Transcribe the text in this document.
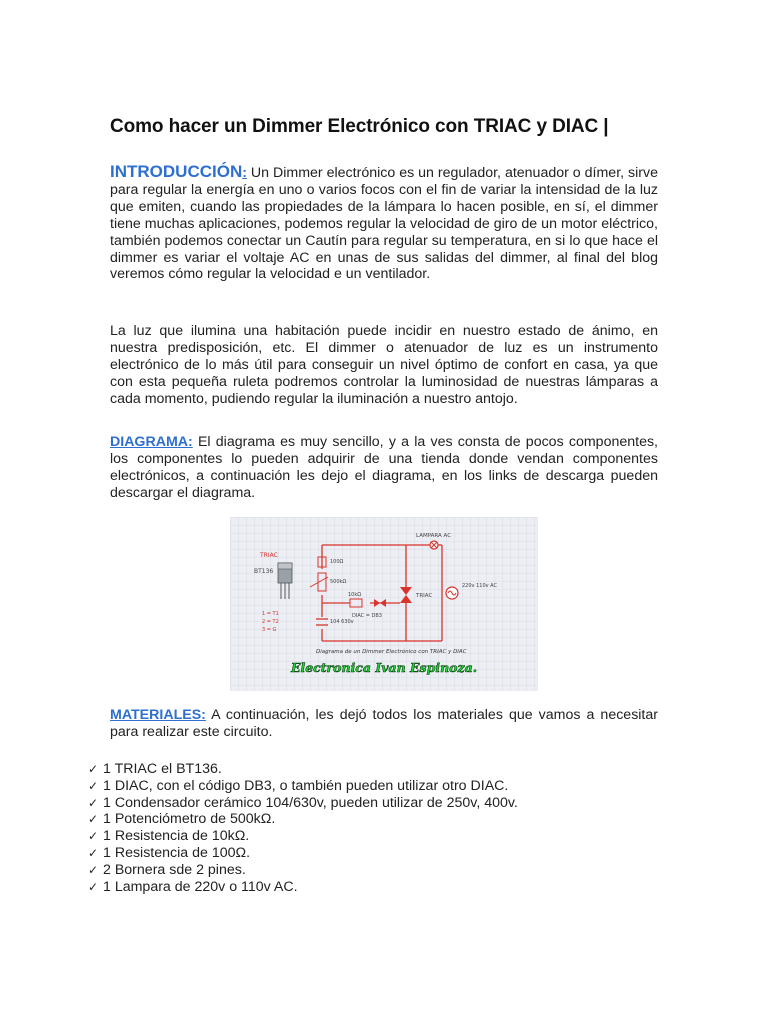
Como hacer un Dimmer Electrónico con TRIAC y DIAC |
INTRODUCCIÓN: Un Dimmer electrónico es un regulador, atenuador o dímer, sirve para regular la energía en uno o varios focos con el fin de variar la intensidad de la luz que emiten, cuando las propiedades de la lámpara lo hacen posible, en sí, el dimmer tiene muchas aplicaciones, podemos regular la velocidad de giro de un motor eléctrico, también podemos conectar un Cautín para regular su temperatura, en si lo que hace el dimmer es variar el voltaje AC en unas de sus salidas del dimmer, al final del blog veremos cómo regular la velocidad e un ventilador.
La luz que ilumina una habitación puede incidir en nuestro estado de ánimo, en nuestra predisposición, etc. El dimmer o atenuador de luz es un instrumento electrónico de lo más útil para conseguir un nivel óptimo de confort en casa, ya que con esta pequeña ruleta podremos controlar la luminosidad de nuestras lámparas a cada momento, pudiendo regular la iluminación a nuestro antojo.
DIAGRAMA: El diagrama es muy sencillo, y a la ves consta de pocos componentes, los componentes lo pueden adquirir de una tienda donde vendan componentes electrónicos, a continuación les dejo el diagrama, en los links de descarga pueden descargar el diagrama.
LAMPARA AC
100Ω
500kΩ
10kΩ
DIAC = DB3
TRIAC
220v 110v AC
104 630v
TRIAC
BT136
1 = T1
2 = T2
3 = G
Diagrama de un Dimmer Electrónico con TRIAC y DIAC
Electronica Ivan Espinoza.
MATERIALES: A continuación, les dejó todos los materiales que vamos a necesitar para realizar este circuito.
✓ 1 TRIAC el BT136.
✓ 1 DIAC, con el código DB3, o también pueden utilizar otro DIAC.
✓ 1 Condensador cerámico 104/630v, pueden utilizar de 250v, 400v.
✓ 1 Potenciómetro de 500kΩ.
✓ 1 Resistencia de 10kΩ.
✓ 1 Resistencia de 100Ω.
✓ 2 Bornera sde 2 pines.
✓ 1 Lampara de 220v o 110v AC.
